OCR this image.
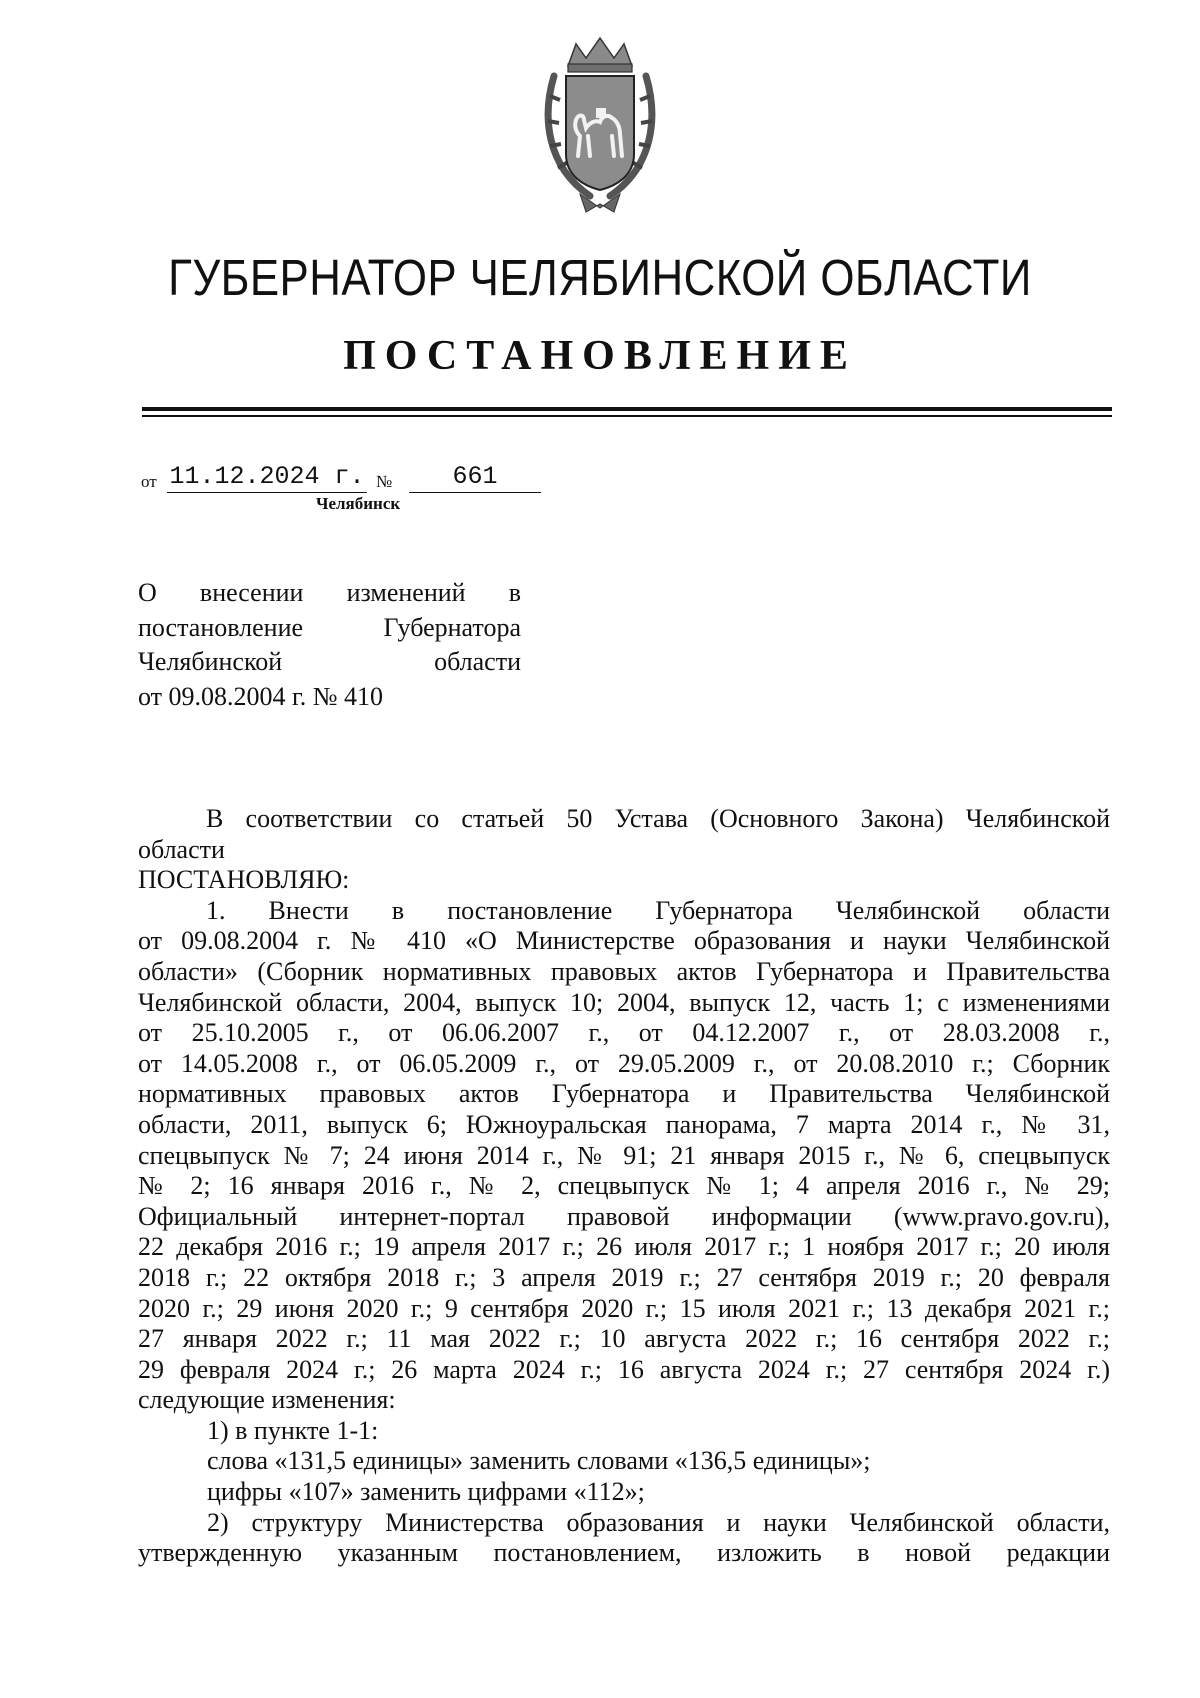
ГУБЕРНАТОР ЧЕЛЯБИНСКОЙ ОБЛАСТИ
ПОСТАНОВЛЕНИЕ
от 11.12.2024 г. №	661
Челябинск
О внесении изменений в
постановление Губернатора
Челябинской области
от 09.08.2004 г. № 410
В соответствии со статьей 50 Устава (Основного Закона) Челябинской
области
ПОСТАНОВЛЯЮ:
1. Внести в постановление Губернатора Челябинской области
от 09.08.2004 г. № 410 «О Министерстве образования и науки Челябинской
области» (Сборник нормативных правовых актов Губернатора и Правительства
Челябинской области, 2004, выпуск 10; 2004, выпуск 12, часть 1; с изменениями
от 25.10.2005 г., от 06.06.2007 г., от 04.12.2007 г., от 28.03.2008 г.,
от 14.05.2008 г., от 06.05.2009 г., от 29.05.2009 г., от 20.08.2010 г.; Сборник
нормативных правовых актов Губернатора и Правительства Челябинской
области, 2011, выпуск 6; Южноуральская панорама, 7 марта 2014 г., № 31,
спецвыпуск № 7; 24 июня 2014 г., № 91; 21 января 2015 г., № 6, спецвыпуск
№ 2; 16 января 2016 г., № 2, спецвыпуск № 1; 4 апреля 2016 г., № 29;
Официальный интернет-портал правовой информации (www.pravo.gov.ru),
22 декабря 2016 г.; 19 апреля 2017 г.; 26 июля 2017 г.; 1 ноября 2017 г.; 20 июля
2018 г.; 22 октября 2018 г.; 3 апреля 2019 г.; 27 сентября 2019 г.; 20 февраля
2020 г.; 29 июня 2020 г.; 9 сентября 2020 г.; 15 июля 2021 г.; 13 декабря 2021 г.;
27 января 2022 г.; 11 мая 2022 г.; 10 августа 2022 г.; 16 сентября 2022 г.;
29 февраля 2024 г.; 26 марта 2024 г.; 16 августа 2024 г.; 27 сентября 2024 г.)
следующие изменения:
1) в пункте 1-1:
слова «131,5 единицы» заменить словами «136,5 единицы»;
цифры «107» заменить цифрами «112»;
2) структуру Министерства образования и науки Челябинской области,
утвержденную указанным постановлением, изложить в новой редакции
